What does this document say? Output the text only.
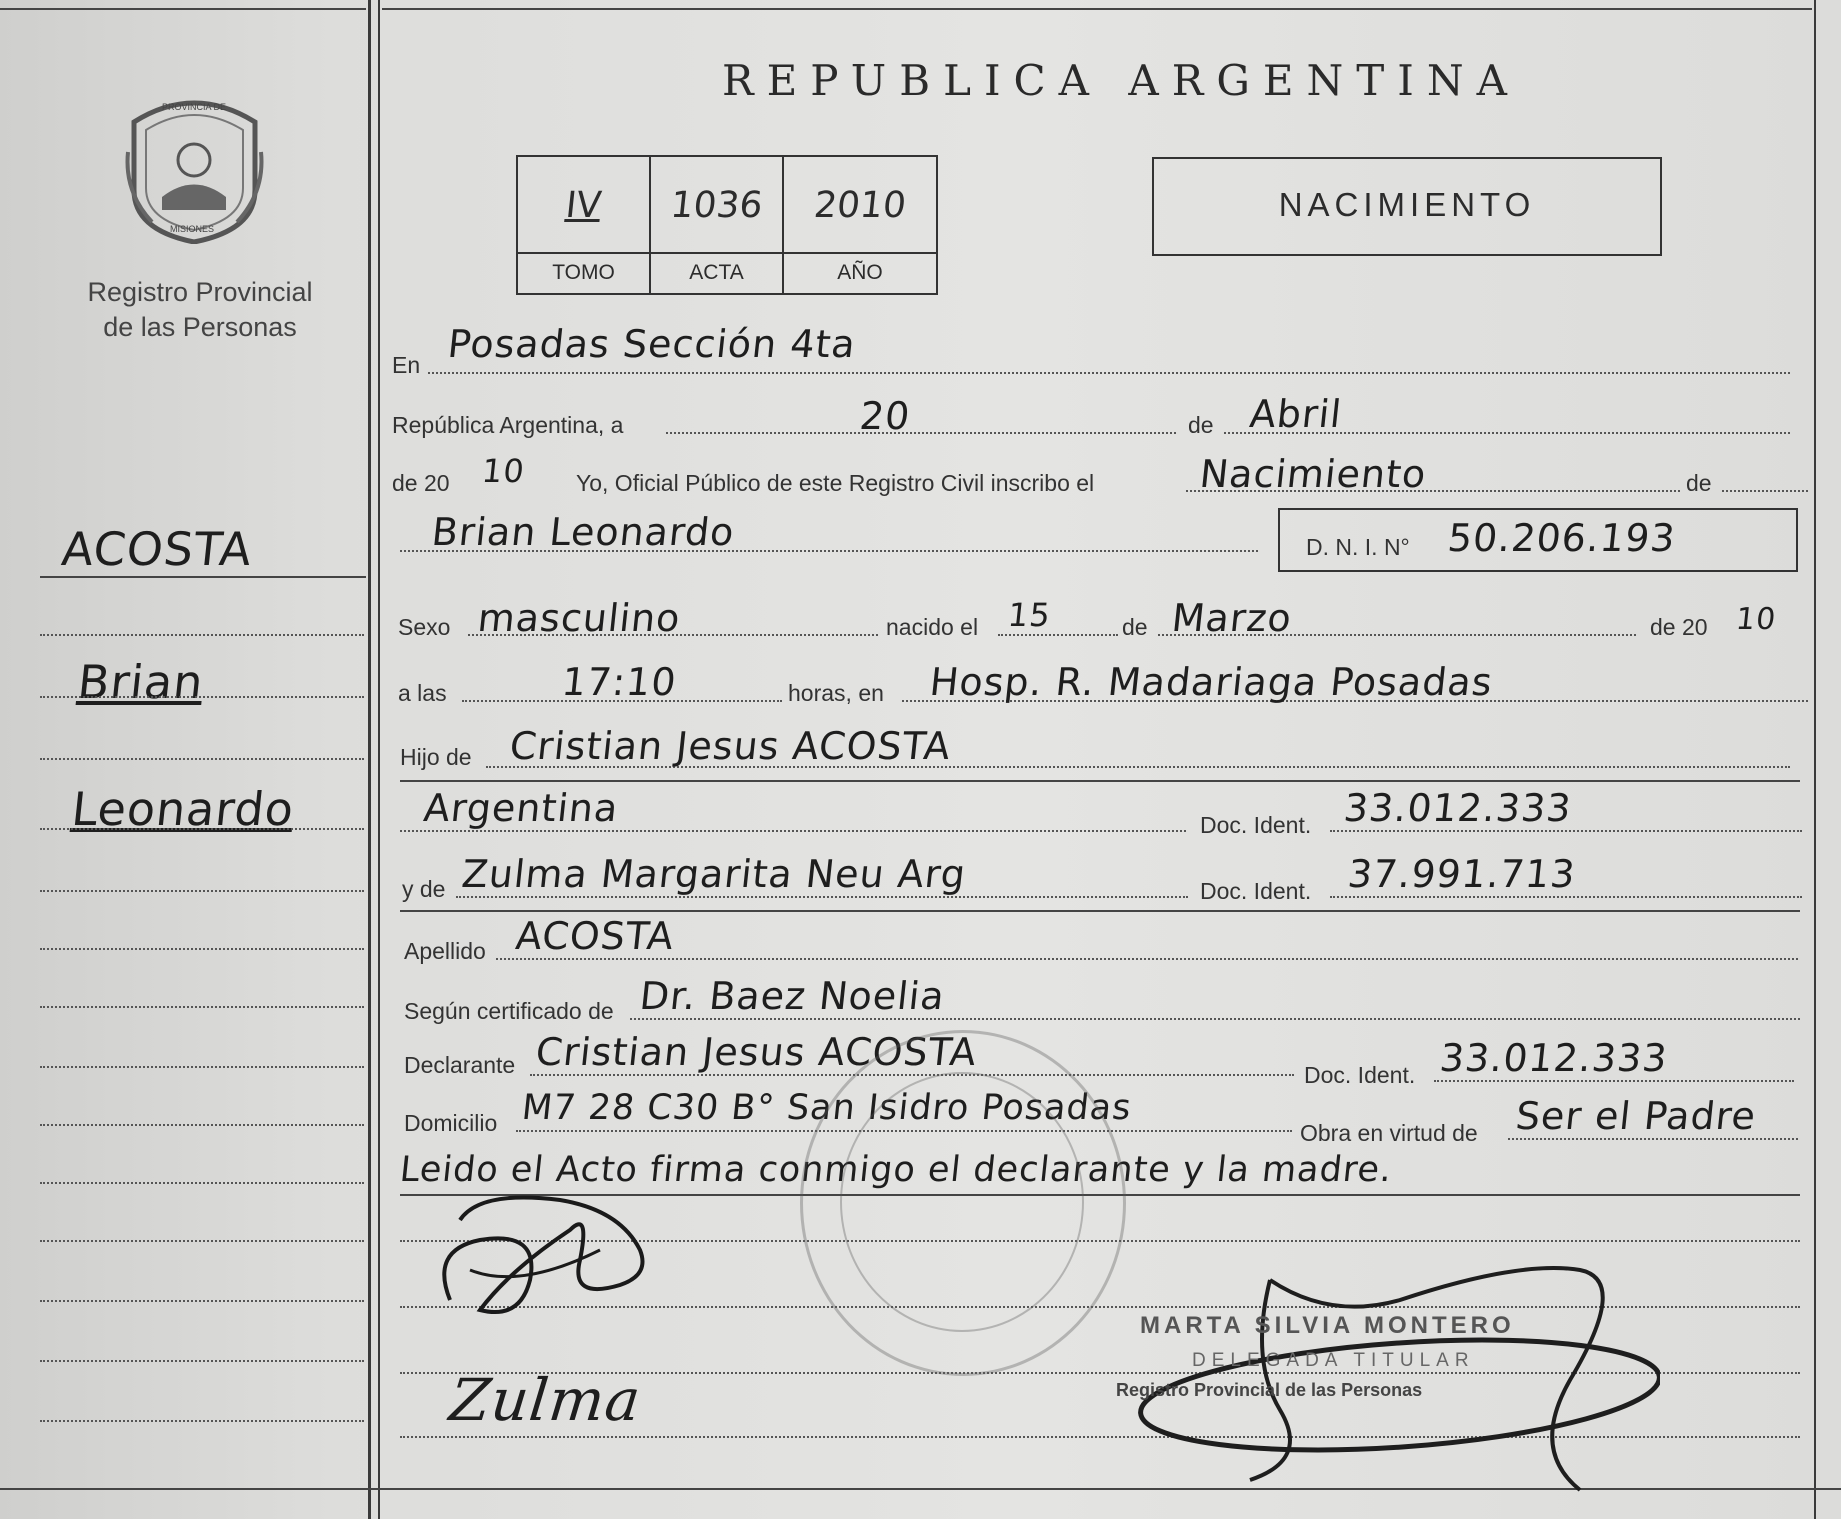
PROVINCIA DE
MISIONES
Registro Provincial
de las Personas
REPUBLICA ARGENTINA
IV	1036	2010
TOMO	ACTA	AÑO
NACIMIENTO
ACOSTA
Brian
Leonardo
En Posadas Sección 4ta
República Argentina, a	20	de Abril
de 20 10 Yo, Oficial Público de este Registro Civil inscribo el	Nacimiento	de
Brian Leonardo	D. N. I. N° 50.206.193
Sexo masculino	nacido el 15	de Marzo	de 20 10
a las	17:10	horas, en Hosp. R. Madariaga Posadas
Hijo de Cristian Jesus ACOSTA
Argentina	Doc. Ident. 33.012.333
y de Zulma Margarita Neu Arg	Doc. Ident. 37.991.713
Apellido ACOSTA
Según certificado de Dr. Baez Noelia
Declarante Cristian Jesus ACOSTA
Doc. Ident. 33.012.333
Domicilio M7 28 C30 B° San Isidro Posadas
Obra en virtud de Ser el Padre
Leido el Acto firma conmigo el declarante y la madre.
Zulma
MARTA SILVIA MONTERO
DELEGADA TITULAR
Registro Provincial de las Personas
